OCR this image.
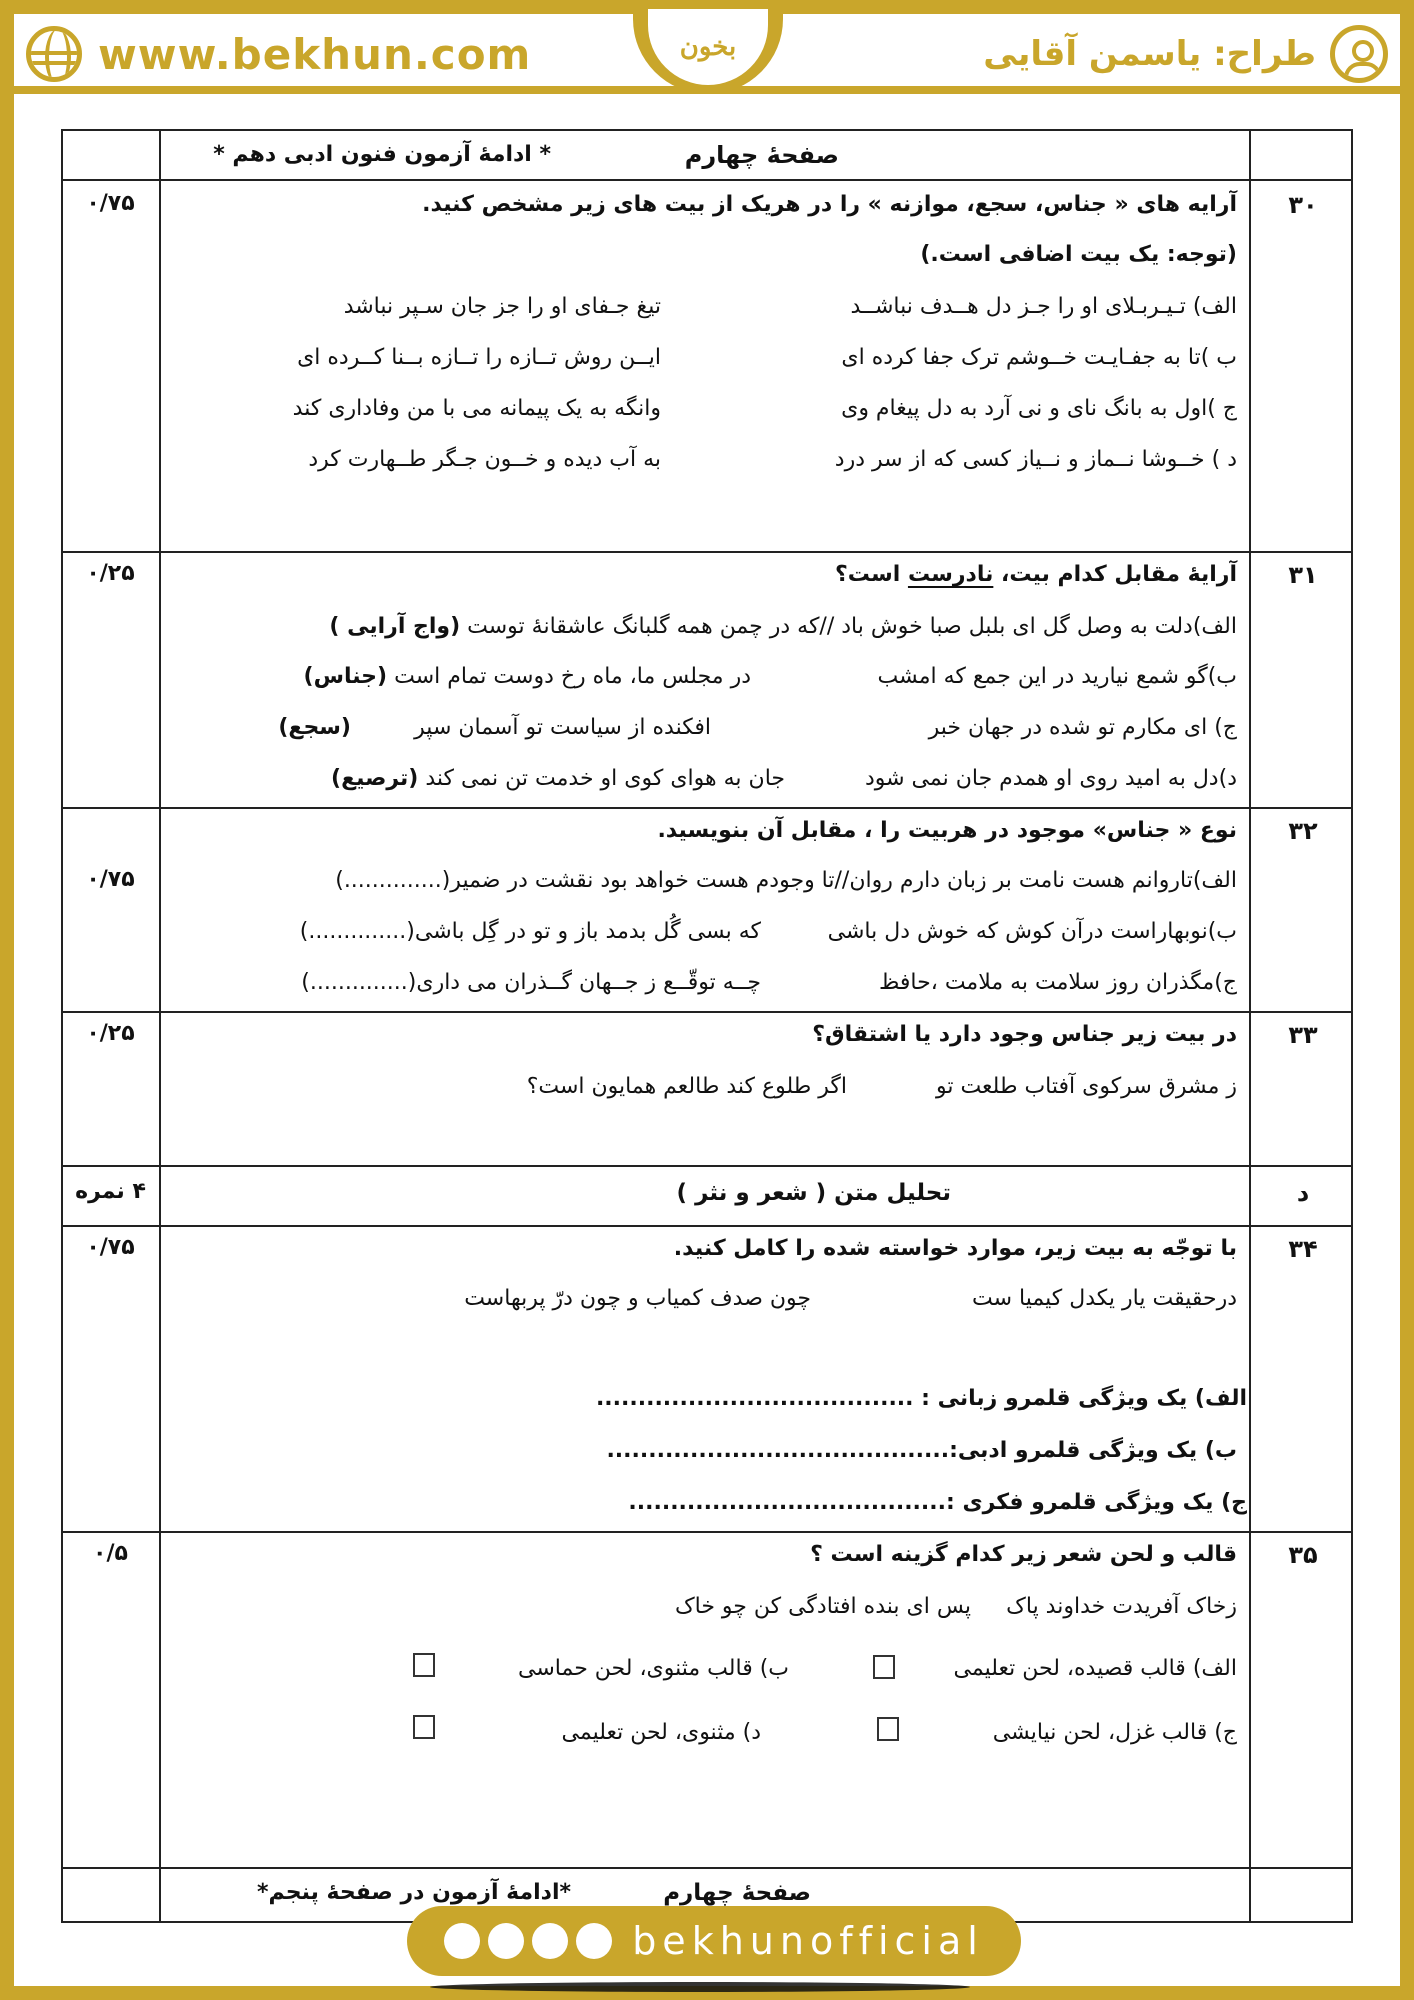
www.bekhun.com	بخون	طراح: یاسمن آقایی
صفحهٔ چهارم
* ادامهٔ آزمون فنون ادبی دهم *
۳۰
۰/۷۵	آرایه های « جناس، سجع، موازنه » را در هریک از بیت های زیر مشخص کنید.
(توجه: یک بیت اضافی است.)
الف) تـیـربـلای او را جـز دل هــدف نباشــد
تیغ جـفای او را جز جان سـپر نباشد
ب )تا به جفـایـت خــوشم ترک جفا کرده ای
ایــن روش تــازه را تــازه بــنا کــرده ای
ج )اول به بانگ نای و نی آرد به دل پیغام وی
وانگه به یک پیمانه می با من وفاداری کند
د ) خــوشا نــماز و نــیاز کسی که از سر درد
به آب دیده و خــون جـگر طــهارت کرد
۳۱
۰/۲۵	آرایهٔ مقابل کدام بیت، نادرست است؟
الف)دلت به وصل گل ای بلبل صبا خوش باد //که در چمن همه گلبانگ عاشقانهٔ توست (واج آرایی )
ب)گو شمع نیارید در این جمع که امشب
در مجلس ما، ماه رخ دوست تمام است (جناس)
ج) ای مکارم تو شده در جهان خبر
افکنده از سیاست تو آسمان سپر
(سجع)
د)دل به امید روی او همدم جان نمی شود
جان به هوای کوی او خدمت تن نمی کند (ترصیع)
۳۲
۰/۷۵
نوع « جناس» موجود در هربیت را ، مقابل آن بنویسید.
الف)تاروانم هست نامت بر زبان دارم روان//تا وجودم هست خواهد بود نقشت در ضمیر(..............)
ب)نوبهاراست درآن کوش که خوش دل باشی
که بسی گُل بدمد باز و تو در گِل باشی(..............)
ج)مگذران روز سلامت به ملامت ،حافظ
چــه توقّــع ز جــهان گــذران می داری(..............)
۳۳
۰/۲۵	در بیت زیر جناس وجود دارد یا اشتقاق؟
ز مشرق سرکوی آفتاب طلعت تو
اگر طلوع کند طالعم همایون است؟
د
تحلیل متن ( شعر و نثر )
۴ نمره
۳۴
۰/۷۵	با توجّه به بیت زیر، موارد خواسته شده را کامل کنید.
درحقیقت یار یکدل کیمیا ست
چون صدف کمیاب و چون درّ پربهاست
الف) یک ویژگی قلمرو زبانی : ......................................
ب) یک ویژگی قلمرو ادبی:.........................................
ج) یک ویژگی قلمرو فکری :......................................
۳۵
۰/۵	قالب و لحن شعر زیر کدام گزینه است ؟
زخاک آفریدت خداوند پاک
پس ای بنده افتادگی کن چو خاک
الف) قالب قصیده، لحن تعلیمی
ب) قالب مثنوی، لحن حماسی
ج) قالب غزل، لحن نیایشی
د) مثنوی، لحن تعلیمی
صفحهٔ چهارم
*ادامهٔ آزمون در صفحهٔ پنجم*
bekhunofficial
